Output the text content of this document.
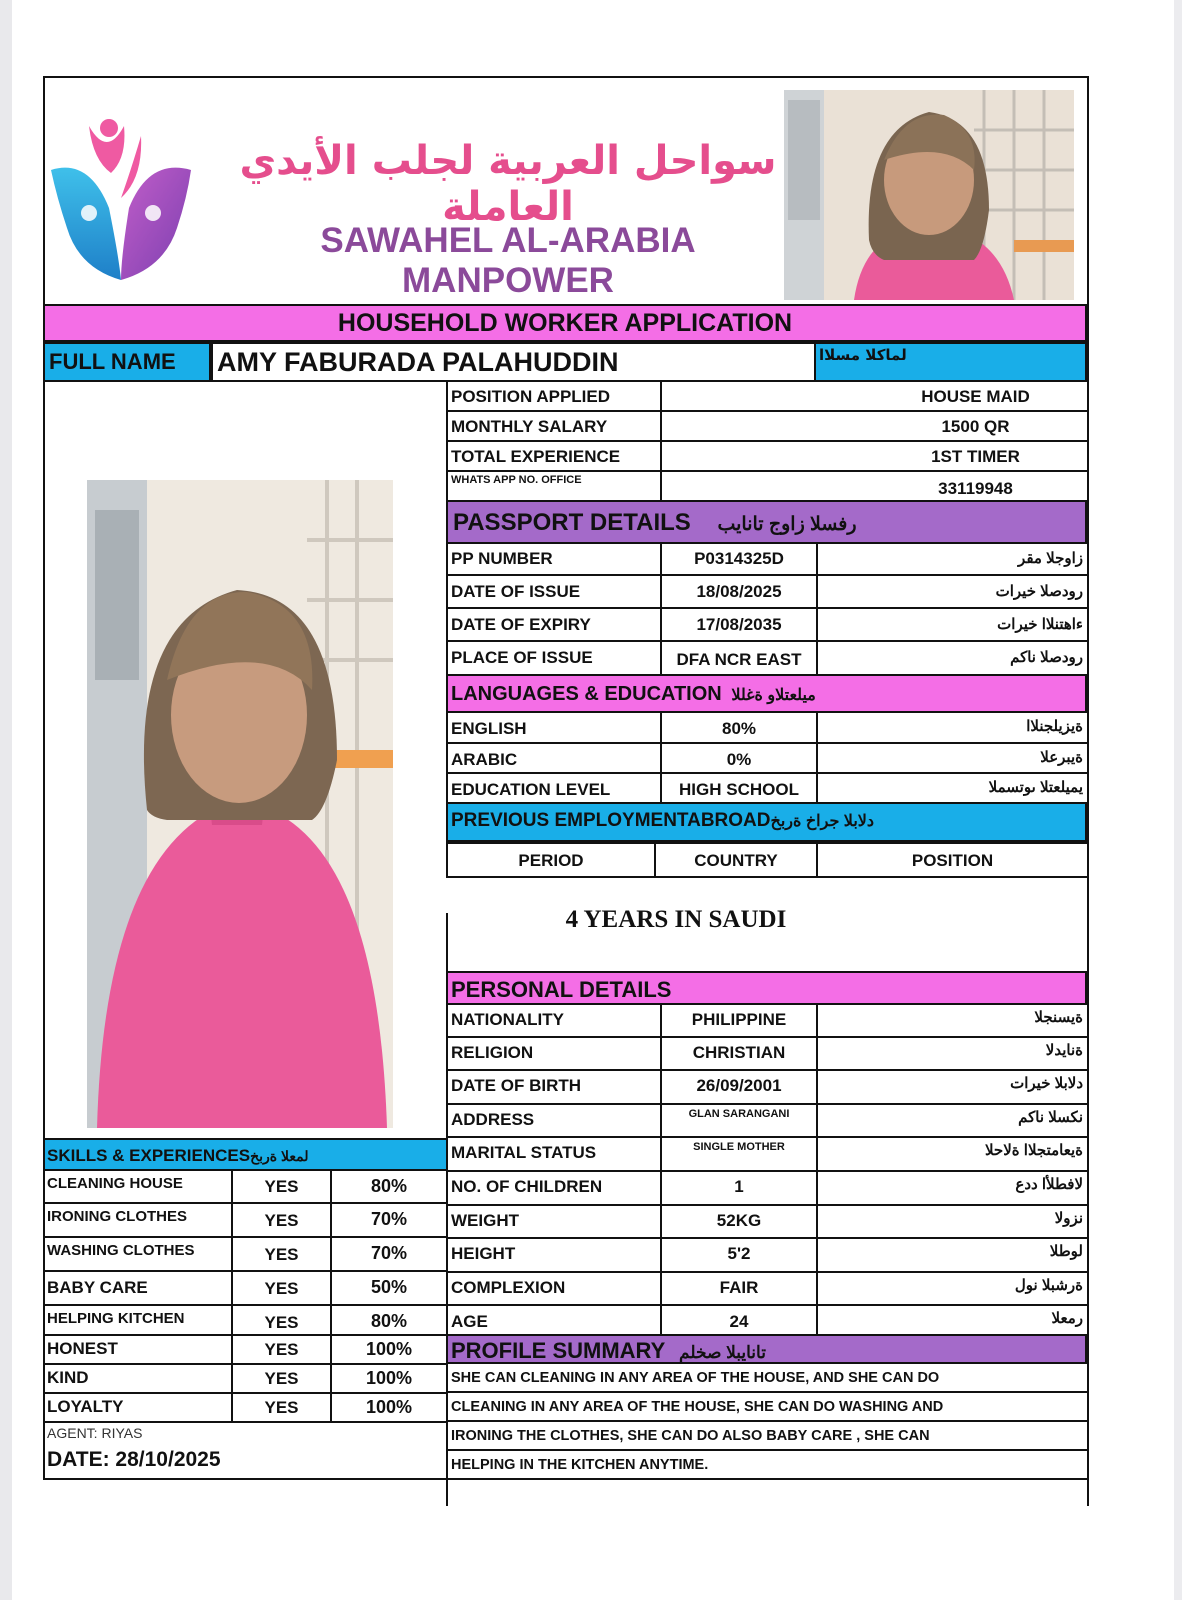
سواحل العربية لجلب الأيدي العاملة
SAWAHEL AL-ARABIA MANPOWER
HOUSEHOLD WORKER APPLICATION
FULL NAME	AMY FABURADA PALAHUDDIN	لماكلا مسلاا
POSITION APPLIED	HOUSE MAID
MONTHLY SALARY	1500 QR
TOTAL EXPERIENCE	1ST TIMER
WHATS APP NO. OFFICE	33119948
PASSPORT DETAILS رفسلا زاوج تانايب
PP NUMBER	P0314325D	زاوجلا مقر
DATE OF ISSUE	18/08/2025	رودصلا خيرات
DATE OF EXPIRY	17/08/2035	ءاهتنلاا خيرات
PLACE OF ISSUE	DFA NCR EAST	رودصلا ناكم
LANGUAGES & EDUCATION ميلعتلاو ةغللا
ENGLISH	80%	ةيزيلجنلاا
ARABIC	0%	ةيبرعلا
EDUCATION LEVEL	HIGH SCHOOL	يميلعتلا ىوتسملا
PREVIOUS EMPLOYMENTABROADدلابلا جراخ ةربخ
PERIOD	COUNTRY	POSITION
4 YEARS IN SAUDI
PERSONAL DETAILS
NATIONALITY	PHILIPPINE	ةيسنجلا
RELIGION	CHRISTIAN	ةنايدلا
DATE OF BIRTH	26/09/2001	دلابلا خيرات
ADDRESS	GLAN SARANGANI	نكسلا ناكم
MARITAL STATUS	SINGLE MOTHER	ةيعامتجلاا ةلاحلا
NO. OF CHILDREN	1	لافطلأا ددع
WEIGHT	52KG	نزولا
HEIGHT	5'2	لوطلا
COMPLEXION	FAIR	ةرشبلا نول
AGE	24	رمعلا
PROFILE SUMMARY تانايبلا صخلم
SHE CAN CLEANING IN ANY AREA OF THE HOUSE, AND SHE CAN DO
CLEANING IN ANY AREA OF THE HOUSE, SHE CAN DO WASHING AND
IRONING THE CLOTHES, SHE CAN DO ALSO BABY CARE , SHE CAN
HELPING IN THE KITCHEN ANYTIME.
SKILLS & EXPERIENCESلمعلا ةربخ
CLEANING HOUSE	YES	80%
IRONING CLOTHES	YES	70%
WASHING CLOTHES	YES	70%
BABY CARE	YES	50%
HELPING KITCHEN	YES	80%
HONEST	YES	100%
KIND	YES	100%
LOYALTY	YES	100%
AGENT: RIYAS
DATE: 28/10/2025
